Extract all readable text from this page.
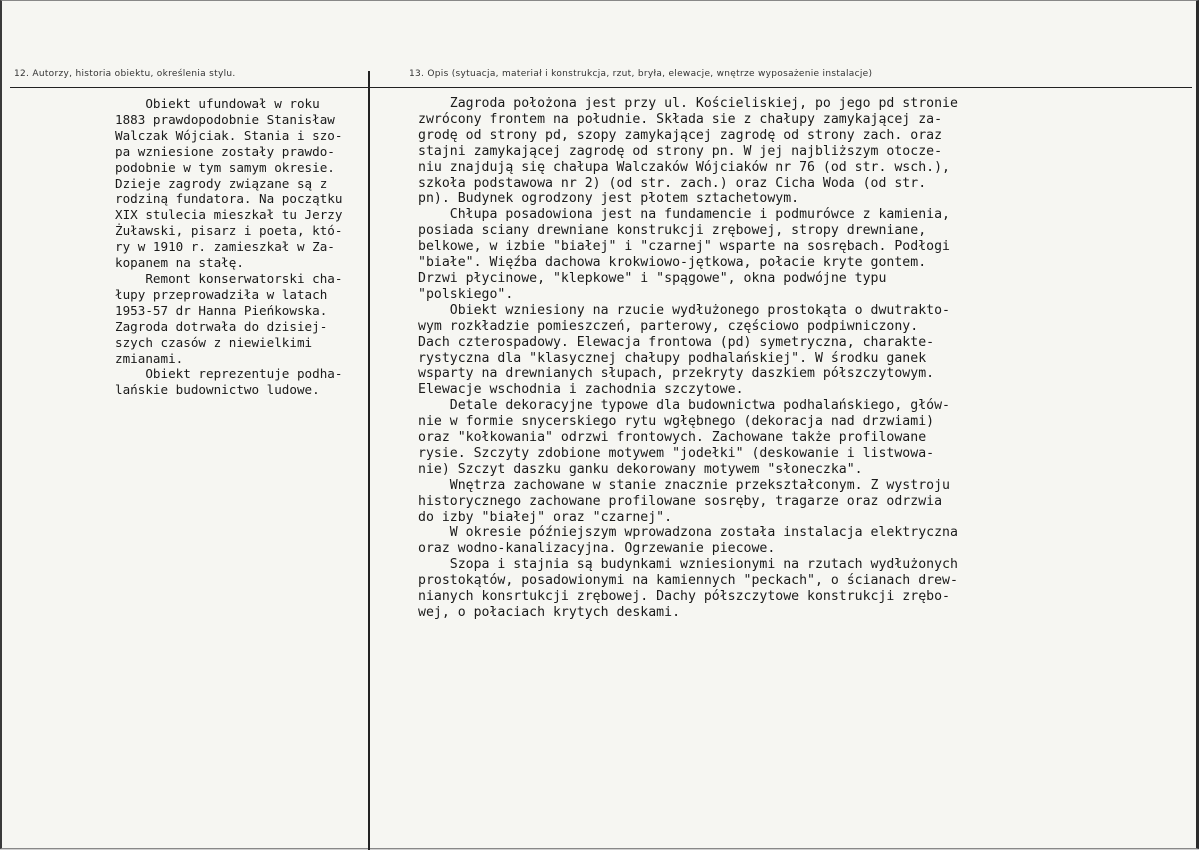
12. Autorzy, historia obiektu, określenia stylu.	13. Opis (sytuacja, materiał i konstrukcja, rzut, bryła, elewacje, wnętrze wyposażenie instalacje)
Obiekt ufundował w roku
1883 prawdopodobnie Stanisław
Walczak Wójciak. Stania i szo-
pa wzniesione zostały prawdo-
podobnie w tym samym okresie.
Dzieje zagrody związane są z
rodziną fundatora. Na początku
XIX stulecia mieszkał tu Jerzy
Żuławski, pisarz i poeta, któ-
ry w 1910 r. zamieszkał w Za-
kopanem na stałę.
Remont konserwatorski cha-
łupy przeprowadziła w latach
1953-57 dr Hanna Pieńkowska.
Zagroda dotrwała do dzisiej-
szych czasów z niewielkimi
zmianami.
Obiekt reprezentuje podha-
lańskie budownictwo ludowe.
Zagroda położona jest przy ul. Kościeliskiej, po jego pd stronie
zwrócony frontem na południe. Składa sie z chałupy zamykającej za-
grodę od strony pd, szopy zamykającej zagrodę od strony zach. oraz
stajni zamykającej zagrodę od strony pn. W jej najbliższym otocze-
niu znajdują się chałupa Walczaków Wójciaków nr 76 (od str. wsch.),
szkoła podstawowa nr 2) (od str. zach.) oraz Cicha Woda (od str.
pn). Budynek ogrodzony jest płotem sztachetowym.
Chłupa posadowiona jest na fundamencie i podmurówce z kamienia,
posiada sciany drewniane konstrukcji zrębowej, stropy drewniane,
belkowe, w izbie "białej" i "czarnej" wsparte na sosrębach. Podłogi
"białe". Więźba dachowa krokwiowo-jętkowa, połacie kryte gontem.
Drzwi płycinowe, "klepkowe" i "spągowe", okna podwójne typu
"polskiego".
Obiekt wzniesiony na rzucie wydłużonego prostokąta o dwutrakto-
wym rozkładzie pomieszczeń, parterowy, częściowo podpiwniczony.
Dach czterospadowy. Elewacja frontowa (pd) symetryczna, charakte-
rystyczna dla "klasycznej chałupy podhalańskiej". W środku ganek
wsparty na drewnianych słupach, przekryty daszkiem półszczytowym.
Elewacje wschodnia i zachodnia szczytowe.
Detale dekoracyjne typowe dla budownictwa podhalańskiego, głów-
nie w formie snycerskiego rytu wgłębnego (dekoracja nad drzwiami)
oraz "kołkowania" odrzwi frontowych. Zachowane także profilowane
rysie. Szczyty zdobione motywem "jodełki" (deskowanie i listwowa-
nie) Szczyt daszku ganku dekorowany motywem "słoneczka".
Wnętrza zachowane w stanie znacznie przekształconym. Z wystroju
historycznego zachowane profilowane sosręby, tragarze oraz odrzwia
do izby "białej" oraz "czarnej".
W okresie późniejszym wprowadzona została instalacja elektryczna
oraz wodno-kanalizacyjna. Ogrzewanie piecowe.
Szopa i stajnia są budynkami wzniesionymi na rzutach wydłużonych
prostokątów, posadowionymi na kamiennych "peckach", o ścianach drew-
nianych konsrtukcji zrębowej. Dachy półszczytowe konstrukcji zrębo-
wej, o połaciach krytych deskami.
